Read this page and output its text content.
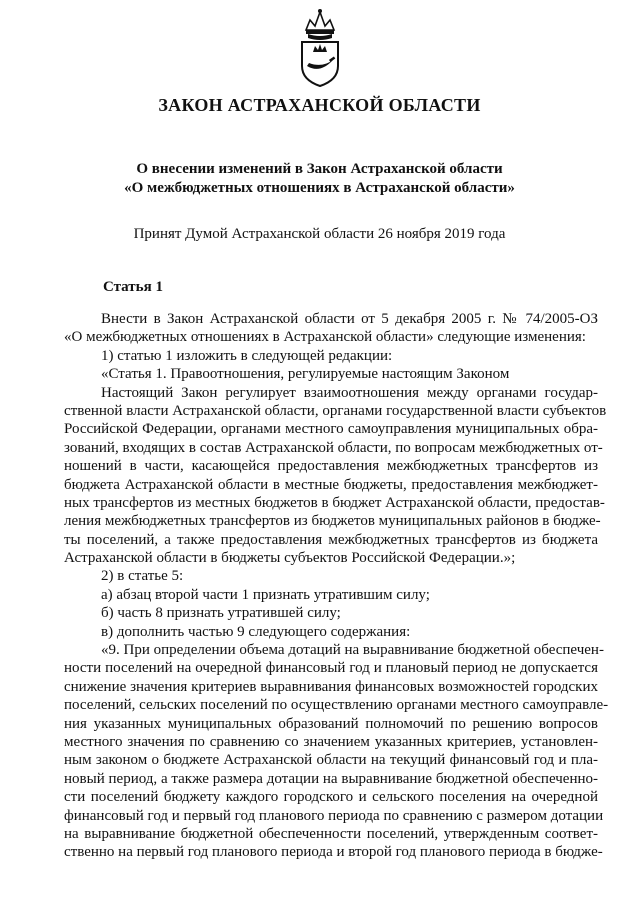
ЗАКОН АСТРАХАНСКОЙ ОБЛАСТИ
О внесении изменений в Закон Астраханской области
«О межбюджетных отношениях в Астраханской области»
Принят Думой Астраханской области 26 ноября 2019 года
Статья 1
Внести в Закон Астраханской области от 5 декабря 2005 г. № 74/2005-ОЗ
«О межбюджетных отношениях в Астраханской области» следующие изменения:
1) статью 1 изложить в следующей редакции:
«Статья 1. Правоотношения, регулируемые настоящим Законом
Настоящий Закон регулирует взаимоотношения между органами государ-
ственной власти Астраханской области, органами государственной власти субъектов
Российской Федерации, органами местного самоуправления муниципальных обра-
зований, входящих в состав Астраханской области, по вопросам межбюджетных от-
ношений в части, касающейся предоставления межбюджетных трансфертов из
бюджета Астраханской области в местные бюджеты, предоставления межбюджет-
ных трансфертов из местных бюджетов в бюджет Астраханской области, предостав-
ления межбюджетных трансфертов из бюджетов муниципальных районов в бюдже-
ты поселений, а также предоставления межбюджетных трансфертов из бюджета
Астраханской области в бюджеты субъектов Российской Федерации.»;
2) в статье 5:
а) абзац второй части 1 признать утратившим силу;
б) часть 8 признать утратившей силу;
в) дополнить частью 9 следующего содержания:
«9. При определении объема дотаций на выравнивание бюджетной обеспечен-
ности поселений на очередной финансовый год и плановый период не допускается
снижение значения критериев выравнивания финансовых возможностей городских
поселений, сельских поселений по осуществлению органами местного самоуправле-
ния указанных муниципальных образований полномочий по решению вопросов
местного значения по сравнению со значением указанных критериев, установлен-
ным законом о бюджете Астраханской области на текущий финансовый год и пла-
новый период, а также размера дотации на выравнивание бюджетной обеспеченно-
сти поселений бюджету каждого городского и сельского поселения на очередной
финансовый год и первый год планового периода по сравнению с размером дотации
на выравнивание бюджетной обеспеченности поселений, утвержденным соответ-
ственно на первый год планового периода и второй год планового периода в бюдже-
